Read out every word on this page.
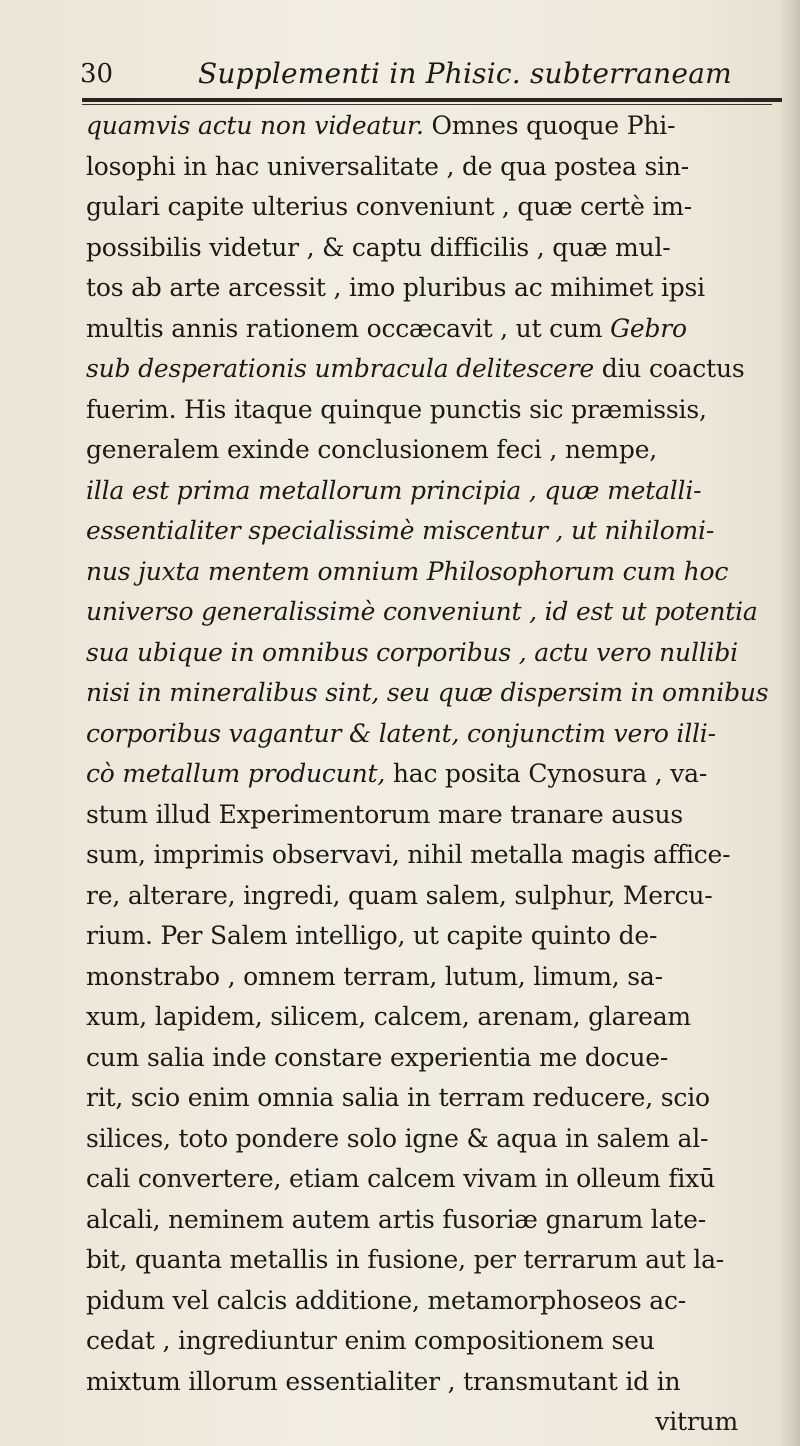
30	Supplementi in Phisic. subterraneam
quamvis actu non videatur. Omnes quoque Phi-
losophi in hac universalitate , de qua postea sin-
gulari capite ulterius conveniunt , quæ certè im-
possibilis videtur , & captu difficilis , quæ mul-
tos ab arte arcessit , imo pluribus ac mihimet ipsi
multis annis rationem occæcavit , ut cum Gebro
sub desperationis umbracula delitescere diu coactus
fuerim. His itaque quinque punctis sic præmissis,
generalem exinde conclusionem feci , nempe,
illa est prima metallorum principia , quæ metalli-
essentialiter specialissimè miscentur , ut nihilomi-
nus juxta mentem omnium Philosophorum cum hoc
universo generalissimè conveniunt , id est ut potentia
sua ubique in omnibus corporibus , actu vero nullibi
nisi in mineralibus sint, seu quæ dispersim in omnibus
corporibus vagantur & latent, conjunctim vero illi-
cò metallum producunt, hac posita Cynosura , va-
stum illud Experimentorum mare tranare ausus
sum, imprimis observavi, nihil metalla magis affice-
re, alterare, ingredi, quam salem, sulphur, Mercu-
rium. Per Salem intelligo, ut capite quinto de-
monstrabo , omnem terram, lutum, limum, sa-
xum, lapidem, silicem, calcem, arenam, glaream
cum salia inde constare experientia me docue-
rit, scio enim omnia salia in terram reducere, scio
silices, toto pondere solo igne & aqua in salem al-
cali convertere, etiam calcem vivam in olleum fixū
alcali, neminem autem artis fusoriæ gnarum late-
bit, quanta metallis in fusione, per terrarum aut la-
pidum vel calcis additione, metamorphoseos ac-
cedat , ingrediuntur enim compositionem seu
mixtum illorum essentialiter , transmutant id in
vitrum
